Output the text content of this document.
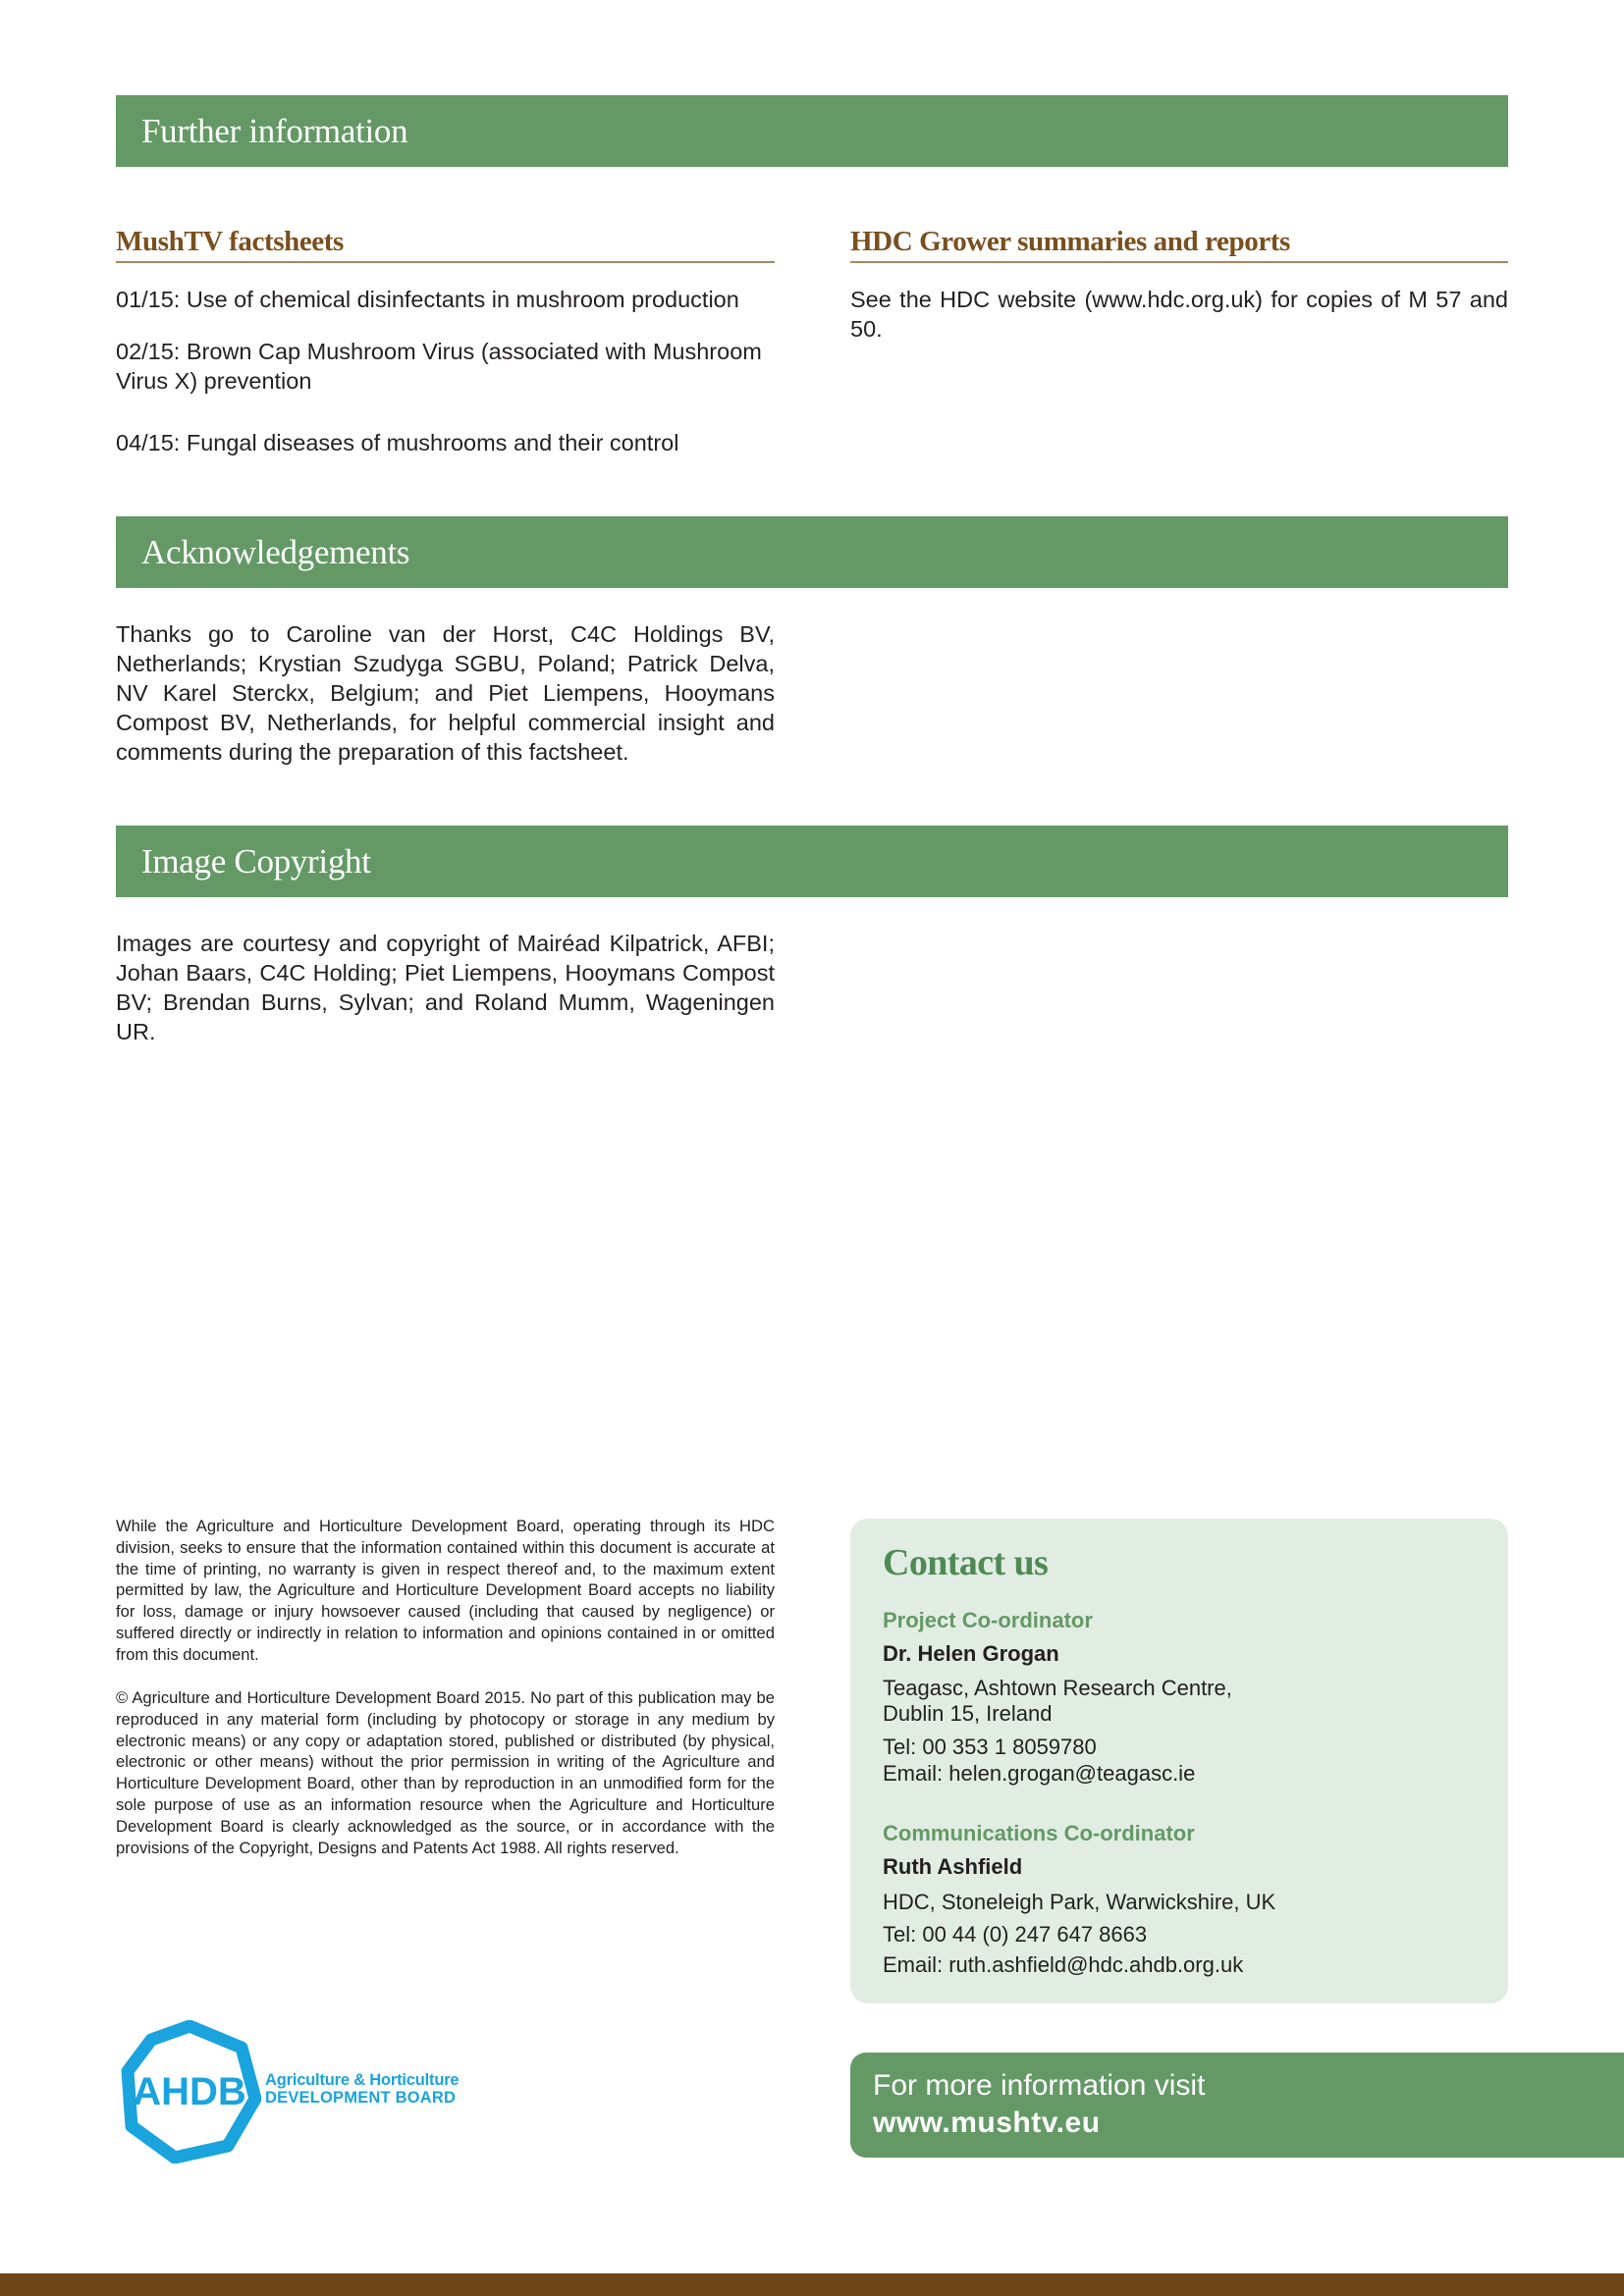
Further information
MushTV factsheets

01/15: Use of chemical disinfectants in mushroom production

02/15: Brown Cap Mushroom Virus (associated with Mushroom Virus X) prevention

04/15: Fungal diseases of mushrooms and their control

HDC Grower summaries and reports

See the HDC website (www.hdc.org.uk) for copies of M 57 and 50.

Acknowledgements

Thanks go to Caroline van der Horst, C4C Holdings BV, Netherlands; Krystian Szudyga SGBU, Poland; Patrick Delva, NV Karel Sterckx, Belgium; and Piet Liempens, Hooymans Compost BV, Netherlands, for helpful commercial insight and comments during the preparation of this factsheet.

Image Copyright

Images are courtesy and copyright of Mairéad Kilpatrick, AFBI; Johan Baars, C4C Holding; Piet Liempens, Hooymans Compost BV; Brendan Burns, Sylvan; and Roland Mumm, Wageningen UR.

While the Agriculture and Horticulture Development Board, operating through its HDC division, seeks to ensure that the information contained within this document is accurate at the time of printing, no warranty is given in respect thereof and, to the maximum extent permitted by law, the Agriculture and Horticulture Development Board accepts no liability for loss, damage or injury howsoever caused (including that caused by negligence) or suffered directly or indirectly in relation to information and opinions contained in or omitted from this document.

© Agriculture and Horticulture Development Board 2015. No part of this publication may be reproduced in any material form (including by photocopy or storage in any medium by electronic means) or any copy or adaptation stored, published or distributed (by physical, electronic or other means) without the prior permission in writing of the Agriculture and Horticulture Development Board, other than by reproduction in an unmodified form for the sole purpose of use as an information resource when the Agriculture and Horticulture Development Board is clearly acknowledged as the source, or in accordance with the provisions of the Copyright, Designs and Patents Act 1988. All rights reserved.

Contact us
Project Co-ordinator
Dr. Helen Grogan

Teagasc, Ashtown Research Centre,

Dublin 15, Ireland

Tel: 00 353 1 8059780

Email: helen.grogan@teagasc.ie

Communications Co-ordinator
Ruth Ashfield

HDC, Stoneleigh Park, Warwickshire, UK

Tel: 00 44 (0) 247 647 8663

Email: ruth.ashfield@hdc.ahdb.org.uk

For more information visit
www.mushtv.eu
AHDB Agriculture & Horticulture
DEVELOPMENT BOARD
